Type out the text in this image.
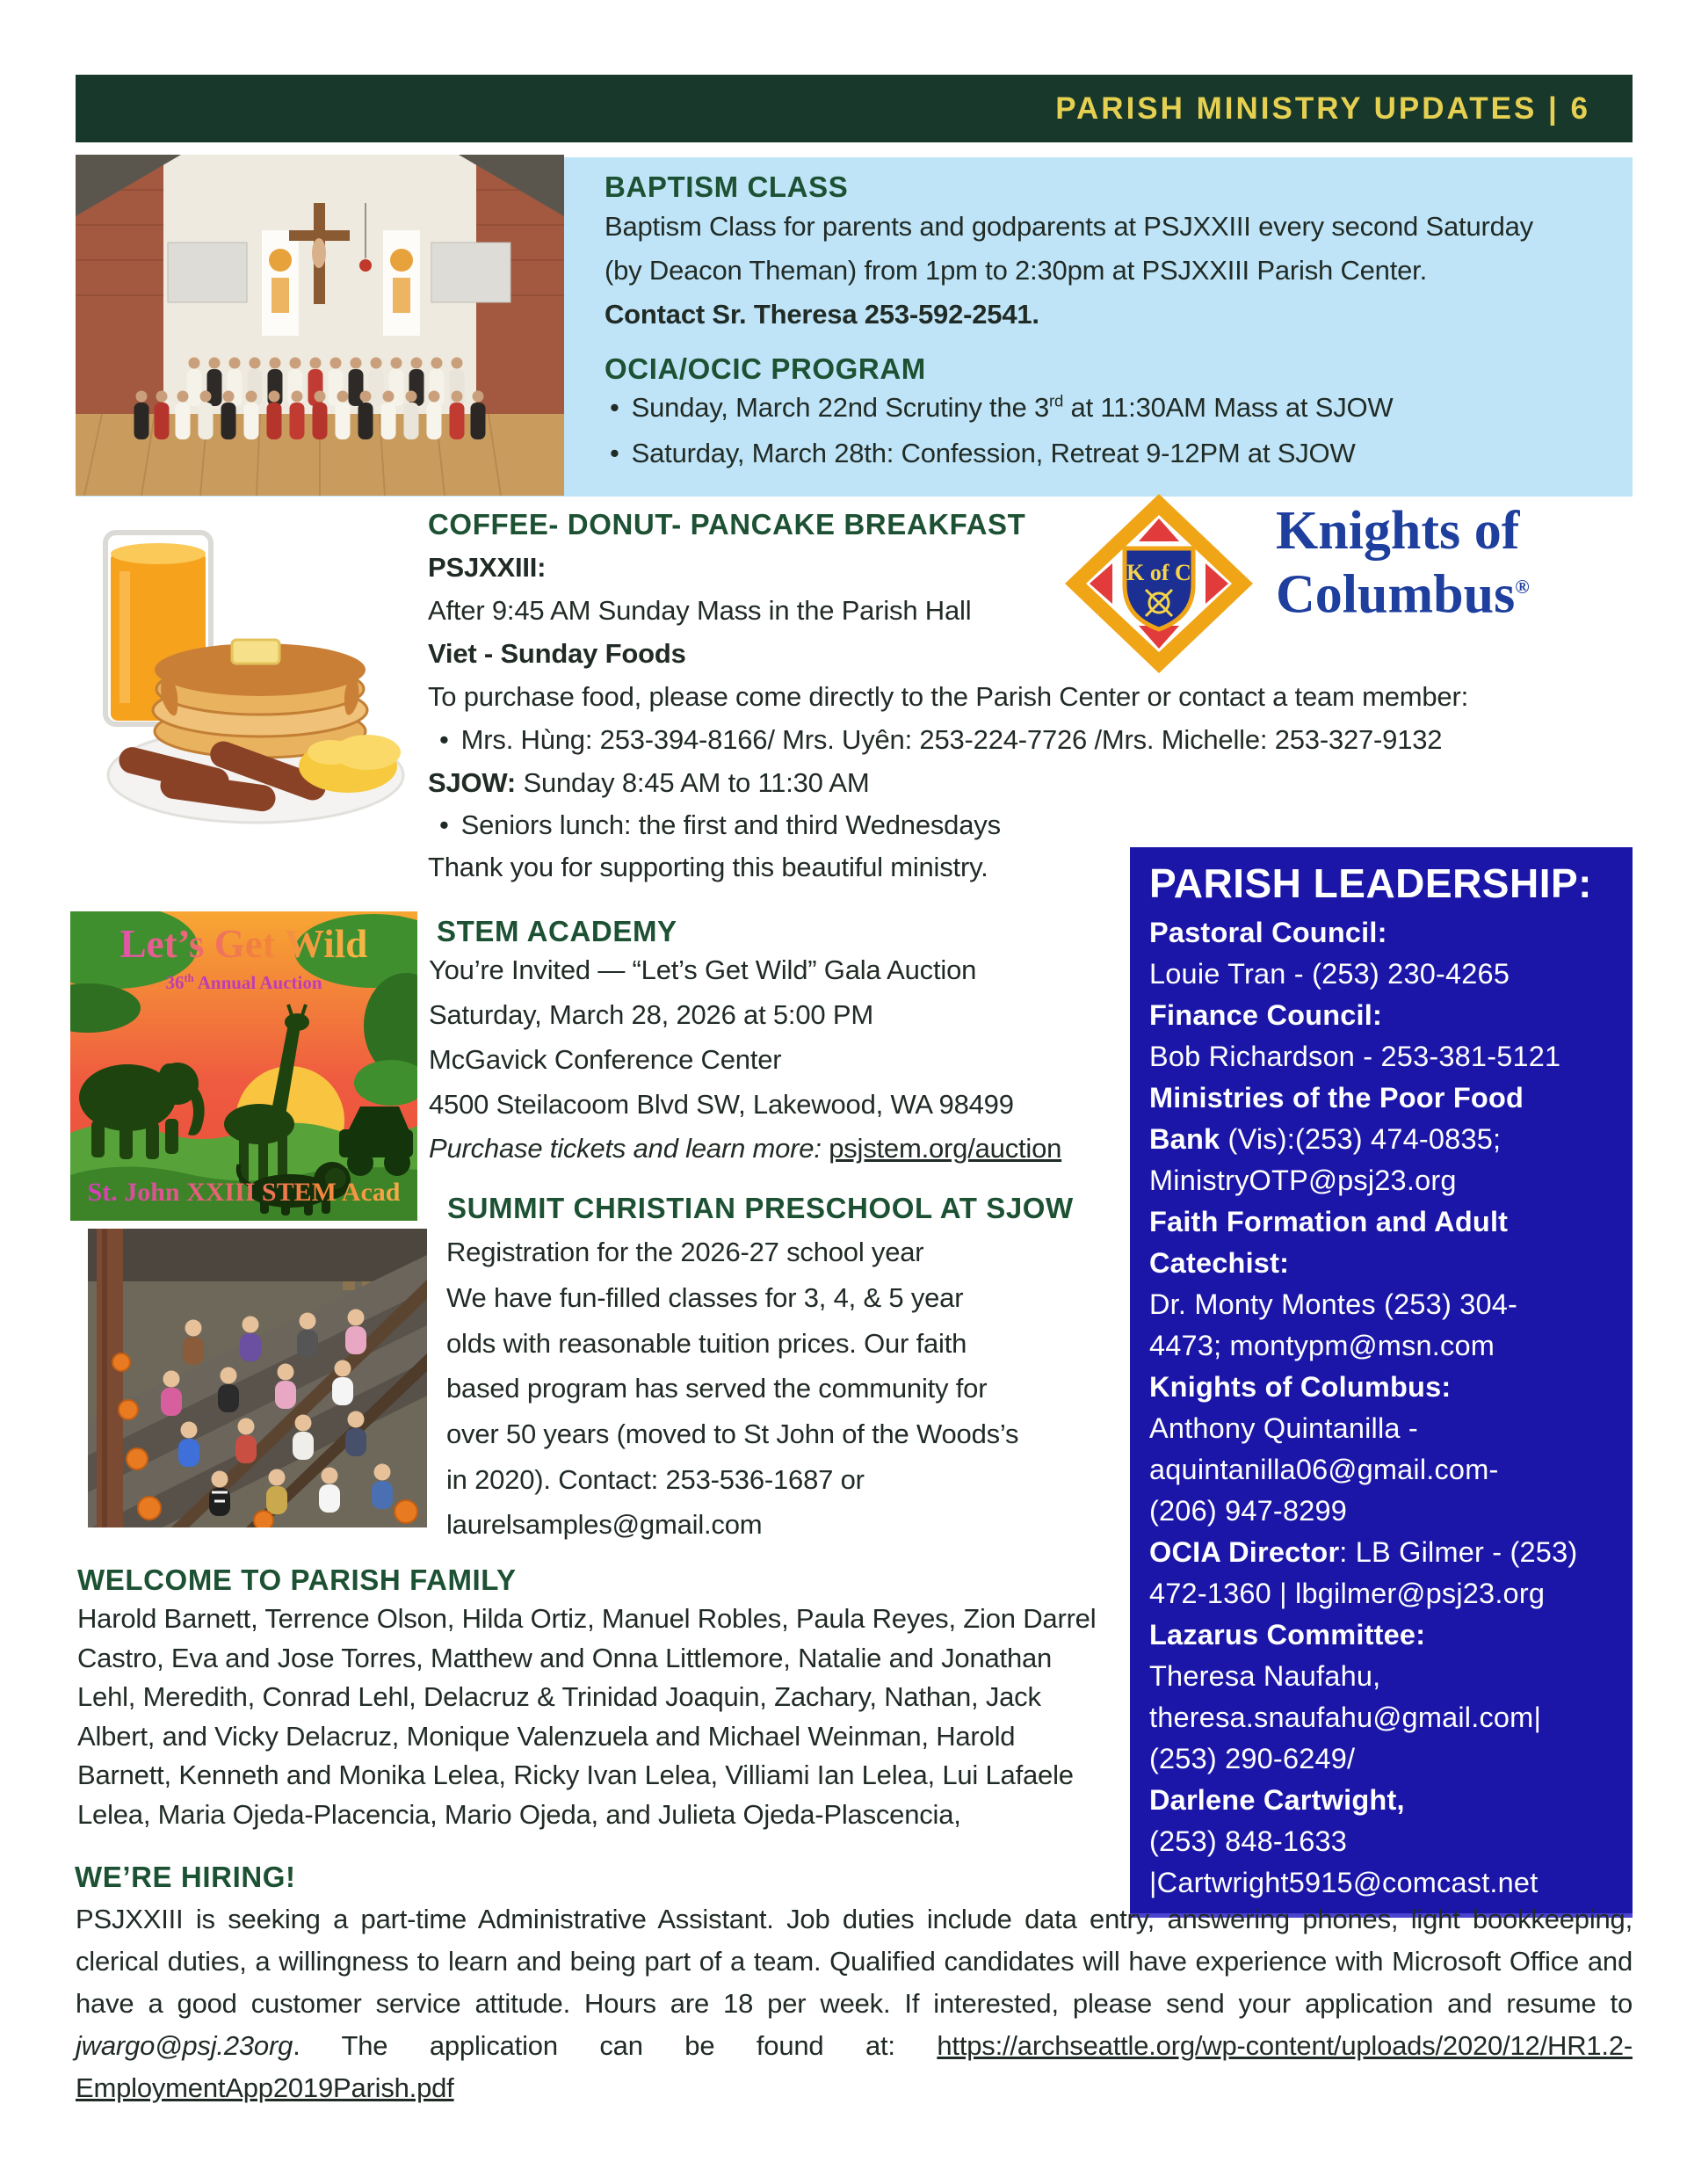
PARISH MINISTRY UPDATES | 6
BAPTISM CLASS
Baptism Class for parents and godparents at PSJXXIII every second Saturday
(by Deacon Theman) from 1pm to 2:30pm at PSJXXIII Parish Center.
Contact Sr. Theresa 253-592-2541.
OCIA/OCIC PROGRAM
• Sunday, March 22nd Scrutiny the 3rd at 11:30AM Mass at SJOW
• Saturday, March 28th: Confession, Retreat 9-12PM at SJOW
COFFEE- DONUT- PANCAKE BREAKFAST
PSJXXIII:
After 9:45 AM Sunday Mass in the Parish Hall
Viet - Sunday Foods
To purchase food, please come directly to the Parish Center or contact a team member:
• Mrs. Hùng: 253-394-8166/ Mrs. Uyên: 253-224-7726 /Mrs. Michelle: 253-327-9132
SJOW: Sunday 8:45 AM to 11:30 AM
• Seniors lunch: the first and third Wednesdays
Thank you for supporting this beautiful ministry.
K of C
Knights of
Columbus®
Let’s Get Wild
36th Annual Auction
St. John XXIII STEM Acad
STEM ACADEMY
You’re Invited — “Let’s Get Wild” Gala Auction
Saturday, March 28, 2026 at 5:00 PM
McGavick Conference Center
4500 Steilacoom Blvd SW, Lakewood, WA 98499
Purchase tickets and learn more: psjstem.org/auction
PARISH LEADERSHIP:
Pastoral Council:
Louie Tran - (253) 230-4265
Finance Council:
Bob Richardson - 253-381-5121
Ministries of the Poor Food
Bank (Vis):(253) 474-0835;
MinistryOTP@psj23.org
Faith Formation and Adult
Catechist:
Dr. Monty Montes (253) 304-
4473; montypm@msn.com
Knights of Columbus:
Anthony Quintanilla -
aquintanilla06@gmail.com-
(206) 947-8299
OCIA Director: LB Gilmer - (253)
472-1360 | lbgilmer@psj23.org
Lazarus Committee:
Theresa Naufahu,
theresa.snaufahu@gmail.com|
(253) 290-6249/
Darlene Cartwight,
(253) 848-1633
|Cartwright5915@comcast.net
SUMMIT CHRISTIAN PRESCHOOL AT SJOW
Registration for the 2026-27 school year
We have fun-filled classes for 3, 4, & 5 year
olds with reasonable tuition prices. Our faith
based program has served the community for
over 50 years (moved to St John of the Woods’s
in 2020). Contact: 253-536-1687 or
laurelsamples@gmail.com
WELCOME TO PARISH FAMILY

Harold Barnett, Terrence Olson, Hilda Ortiz, Manuel Robles, Paula Reyes, Zion Darrel Castro, Eva and Jose Torres, Matthew and Onna Littlemore, Natalie and Jonathan Lehl, Meredith, Conrad Lehl, Delacruz & Trinidad Joaquin, Zachary, Nathan, Jack Albert, and Vicky Delacruz, Monique Valenzuela and Michael Weinman, Harold Barnett, Kenneth and Monika Lelea, Ricky Ivan Lelea, Villiami Ian Lelea, Lui Lafaele Lelea, Maria Ojeda-Placencia, Mario Ojeda, and Julieta Ojeda-Plascencia,

WE’RE HIRING!

PSJXXIII is seeking a part-time Administrative Assistant. Job duties include data entry, answering phones, light bookkeeping, clerical duties, a willingness to learn and being part of a team. Qualified candidates will have experience with Microsoft Office and have a good customer service attitude. Hours are 18 per week. If interested, please send your application and resume to jwargo@psj.23org. The application can be found at: https://archseattle.org/wp-content/uploads/2020/12/HR1.2-EmploymentApp2019Parish.pdf
